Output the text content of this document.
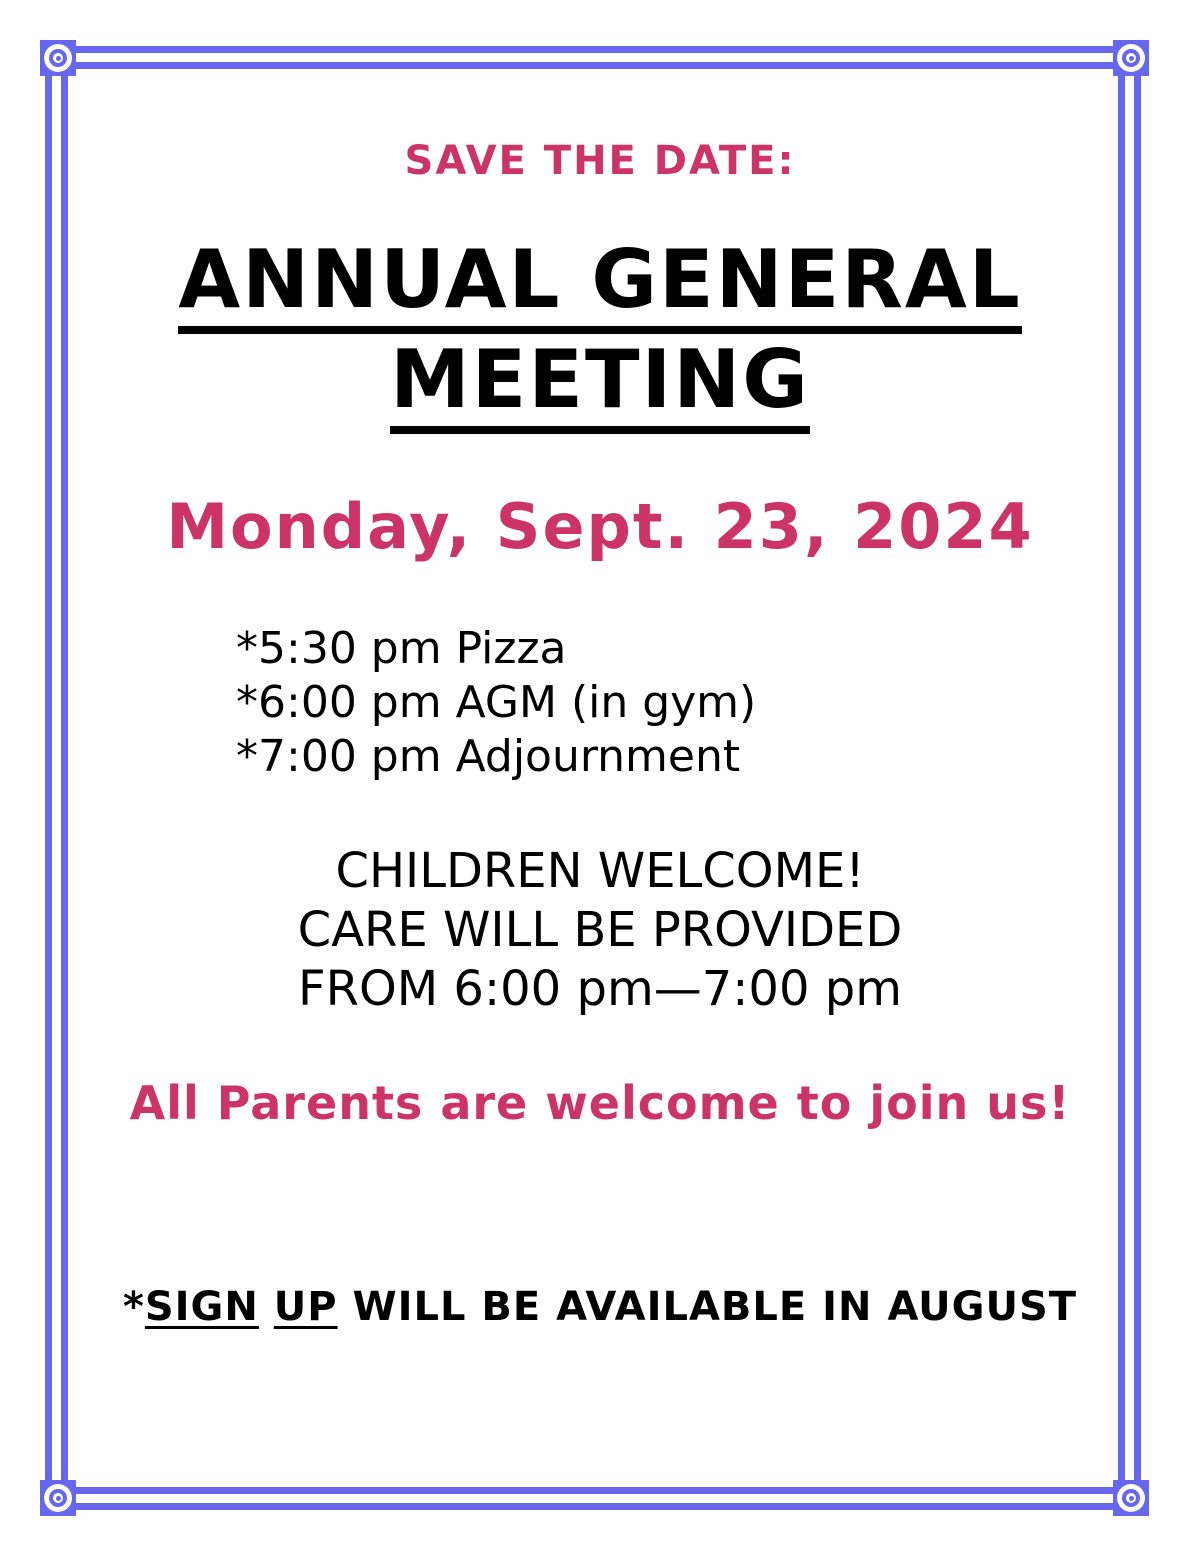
SAVE THE DATE:
ANNUAL GENERAL
MEETING
Monday, Sept. 23, 2024
*5:30 pm Pizza
*6:00 pm AGM (in gym)
*7:00 pm Adjournment
CHILDREN WELCOME!
CARE WILL BE PROVIDED
FROM 6:00 pm—7:00 pm
All Parents are welcome to join us!
*SIGN UP WILL BE AVAILABLE IN AUGUST
